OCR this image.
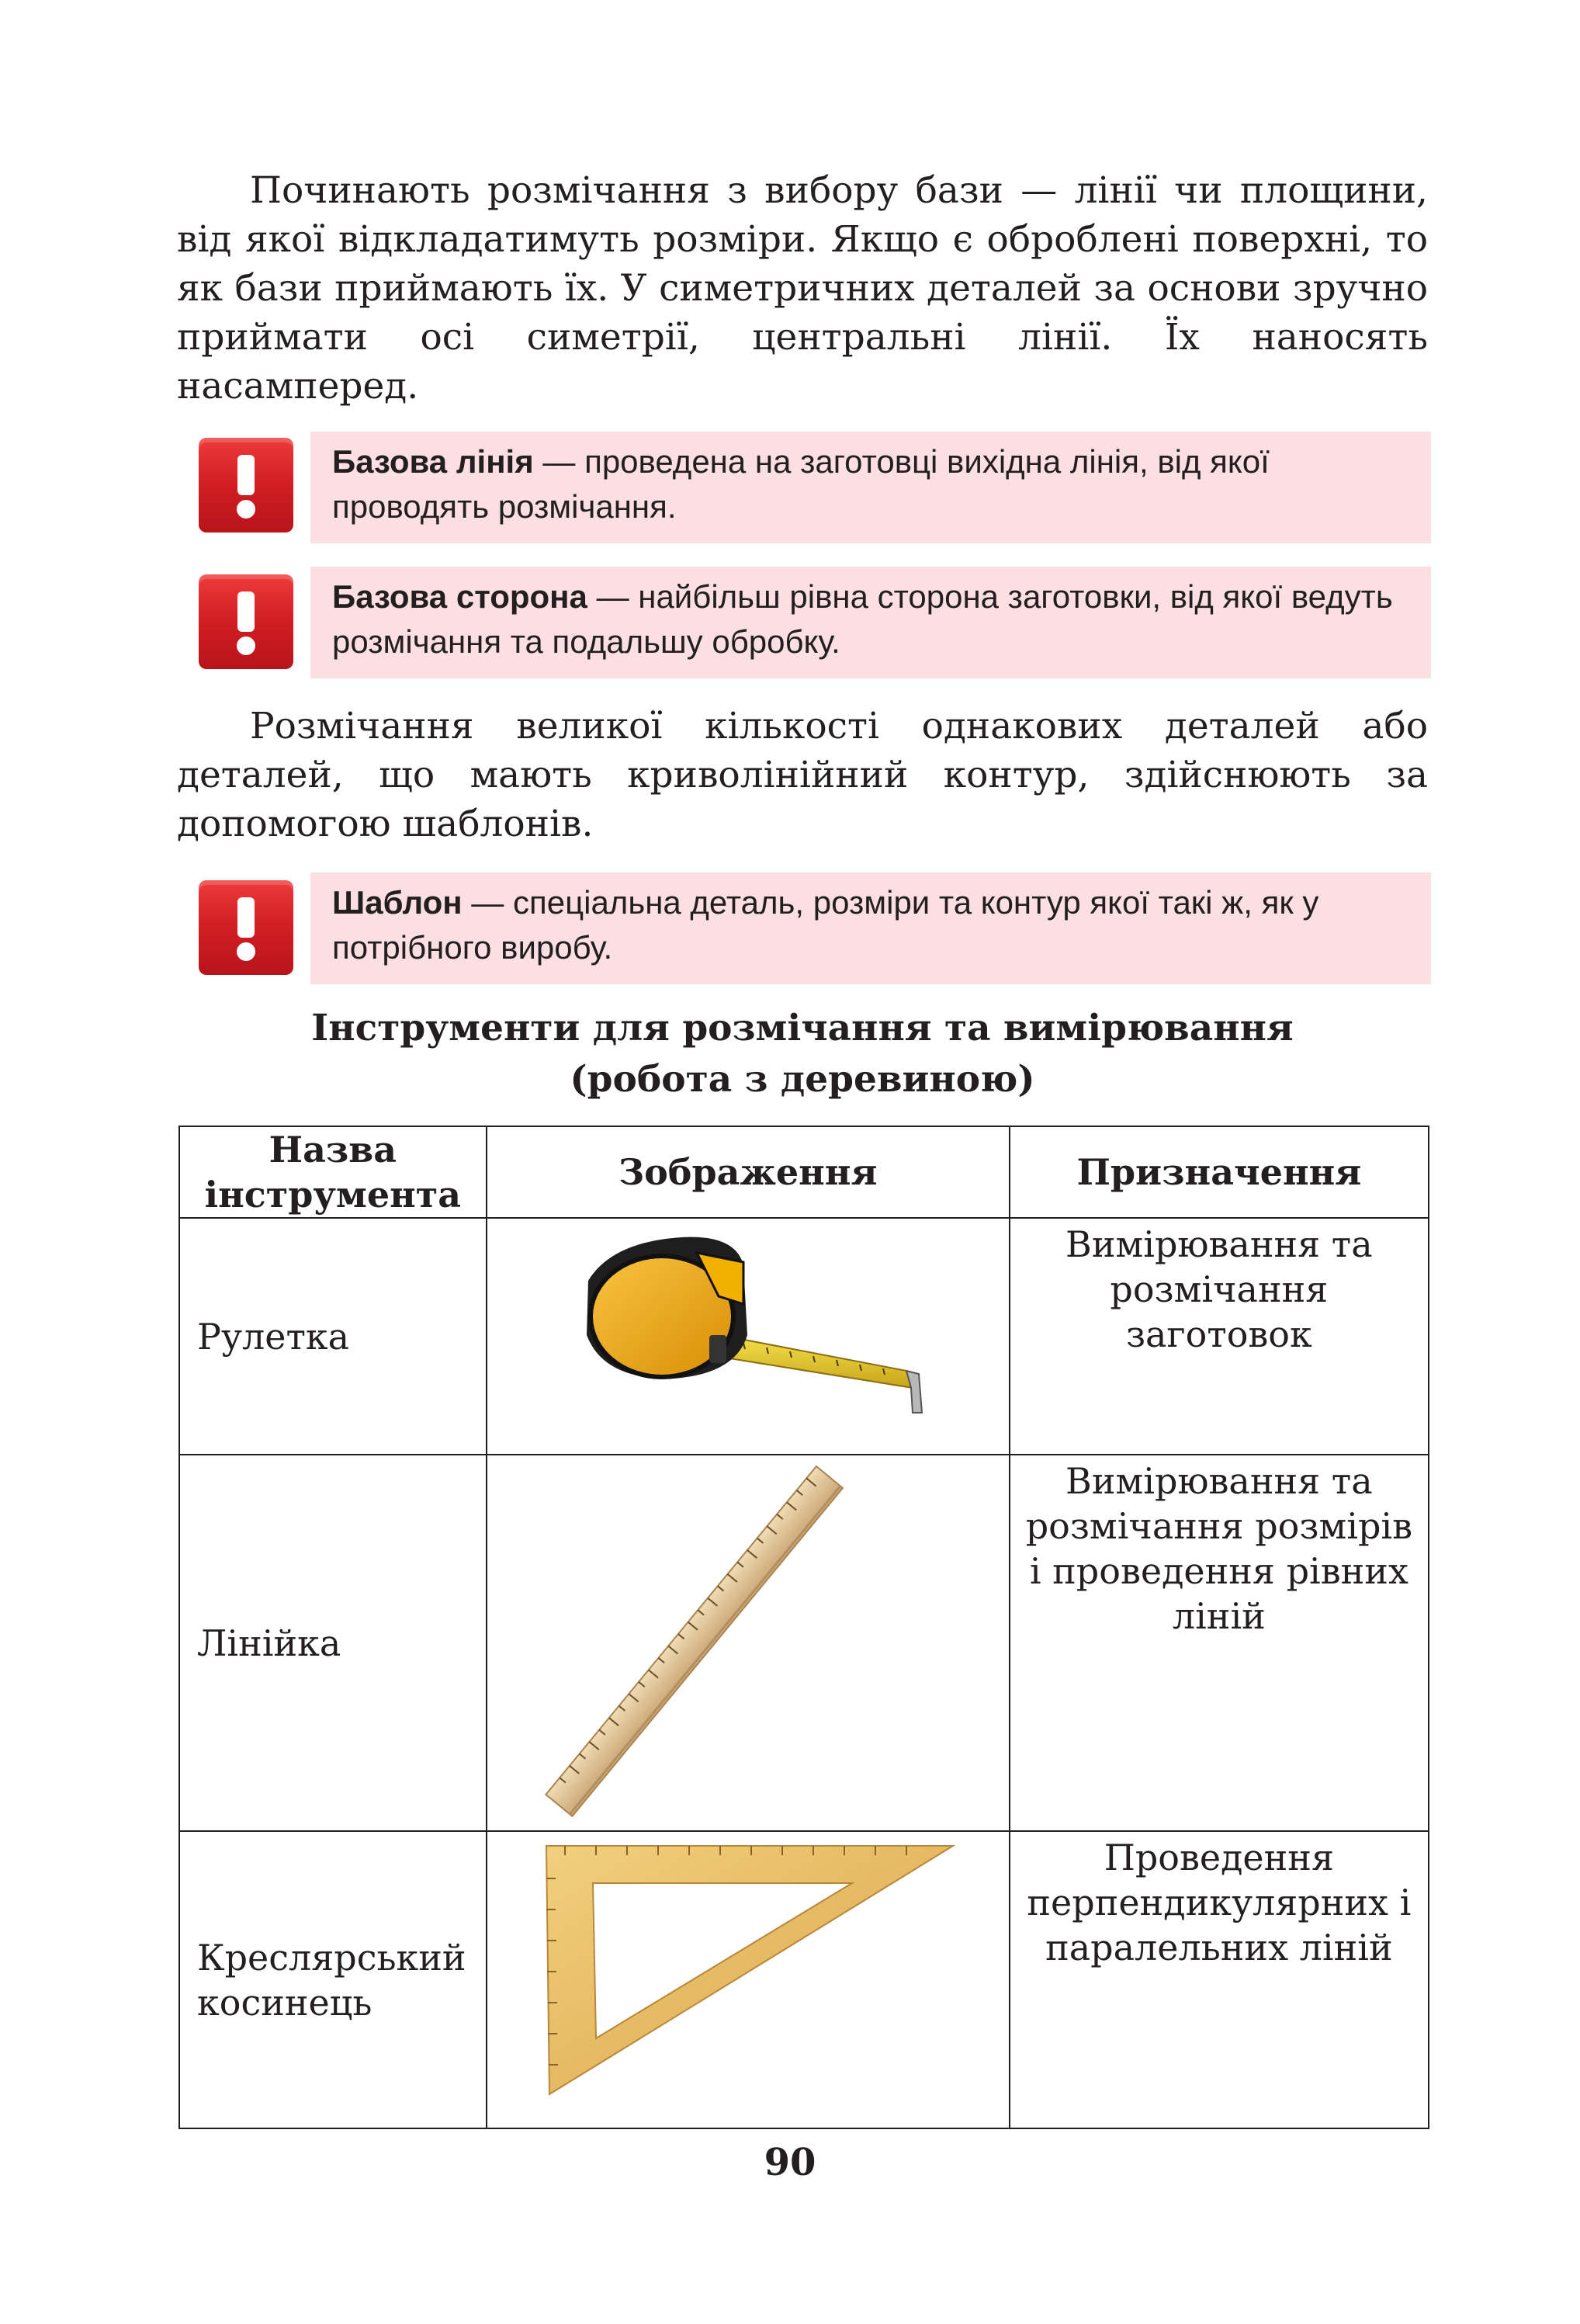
Починають розмічання з вибору бази — лінії чи площини, від якої відкладатимуть розміри. Якщо є оброблені поверхні, то як бази приймають їх. У симетричних деталей за основи зручно приймати осі симетрії, центральні лінії. Їх наносять насамперед.

Базова лінія — проведена на заготовці вихідна лінія, від якої проводять розмічання.
Базова сторона — найбільш рівна сторона заготовки, від якої ведуть розмічання та подальшу обробку.

Розмічання великої кількості однакових деталей або деталей, що мають криволінійний контур, здійснюють за допомогою шаблонів.

Шаблон — спеціальна деталь, розміри та контур якої такі ж, як у потрібного виробу.
Інструменти для розмічання та вимірювання
(робота з деревиною)
Назва інструмента	Зображення	Призначення
Рулетка		Вимірювання та розмічання заготовок
Лінійка		Вимірювання та розмічання розмірів і проведення рівних ліній
Креслярський косинець		Проведення перпендикулярних і паралельних ліній
90
